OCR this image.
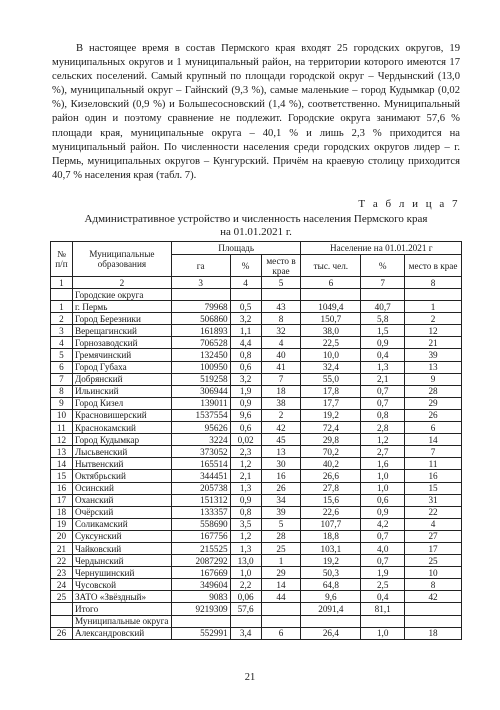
В настоящее время в состав Пермского края входят 25 городских округов, 19 муниципальных округов и 1 муниципальный район, на территории которого имеются 17 сельских поселений. Самый крупный по площади городской округ – Чердынский (13,0 %), муниципальный округ – Гайнский (9,3 %), самые маленькие – город Кудымкар (0,02 %), Кизеловский (0,9 %) и Большесосновский (1,4 %), соответственно. Муниципальный район один и поэтому сравнение не подлежит. Городские округа занимают 57,6 % площади края, муниципальные округа – 40,1 % и лишь 2,3 % приходится на муниципальный район. По численности населения среди городских округов лидер – г. Пермь, муниципальных округов – Кунгурский. Причём на краевую столицу приходится 40,7 % населения края (табл. 7).

Т а б л и ц а 7
Административное устройство и численность населения Пермского края
на 01.01.2021 г.
№ п/п	Муниципальные образования	Площадь			Население на 01.01.2021 г		
		га	%	место в крае	тыс. чел.	%	место в крае
1	2	3	4	5	6	7	8
	Городские округа						
1	г. Пермь	79968	0,5	43	1049,4	40,7	1
2	Город Березники	506860	3,2	8	150,7	5,8	2
3	Верещагинский	161893	1,1	32	38,0	1,5	12
4	Горнозаводский	706528	4,4	4	22,5	0,9	21
5	Гремячинский	132450	0,8	40	10,0	0,4	39
6	Город Губаха	100950	0,6	41	32,4	1,3	13
7	Добрянский	519258	3,2	7	55,0	2,1	9
8	Ильинский	306944	1,9	18	17,8	0,7	28
9	Город Кизел	139011	0,9	38	17,7	0,7	29
10	Красновишерский	1537554	9,6	2	19,2	0,8	26
11	Краснокамский	95626	0,6	42	72,4	2,8	6
12	Город Кудымкар	3224	0,02	45	29,8	1,2	14
13	Лысьвенский	373052	2,3	13	70,2	2,7	7
14	Нытвенский	165514	1,2	30	40,2	1,6	11
15	Октябрьский	344451	2,1	16	26,6	1,0	16
16	Осинский	205738	1,3	26	27,8	1,0	15
17	Оханский	151312	0,9	34	15,6	0,6	31
18	Очёрский	133357	0,8	39	22,6	0,9	22
19	Соликамский	558690	3,5	5	107,7	4,2	4
20	Суксунский	167756	1,2	28	18,8	0,7	27
21	Чайковский	215525	1,3	25	103,1	4,0	17
22	Чердынский	2087292	13,0	1	19,2	0,7	25
23	Чернушинский	167669	1,0	29	50,3	1,9	10
24	Чусовской	349604	2,2	14	64,8	2,5	8
25	ЗАТО «Звёздный»	9083	0,06	44	9,6	0,4	42
	Итого	9219309	57,6		2091,4	81,1	
	Муниципальные округа						
26	Александровский	552991	3,4	6	26,4	1,0	18
21
